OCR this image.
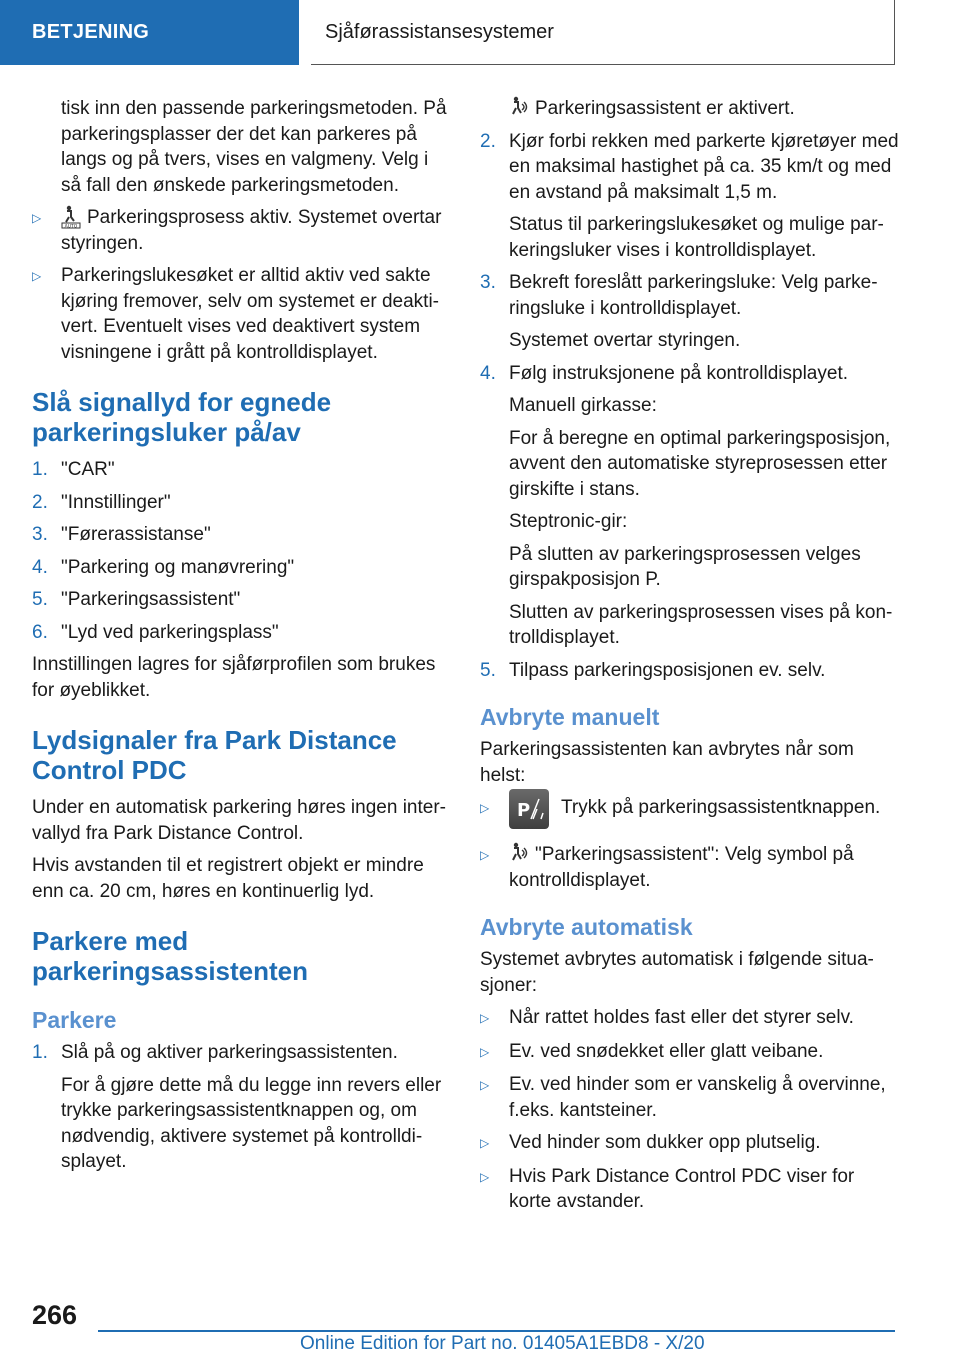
BETJENING	Sjåførassistansesystemer

tisk inn den passende parkeringsmetoden. På parkeringsplasser der det kan parkeres på langs og på tvers, vises en valgmeny. Velg i så fall den ønskede parkeringsmetoden.

▷

AUTO Parkeringsprosess aktiv. Systemet overtar styringen.

▷	Parkeringslukesøket er alltid aktiv ved sakte kjøring fremover, selv om systemet er deakti-vert. Eventuelt vises ved deaktivert system visningene i grått på kontrolldisplayet.

Slå signallyd for egnede parkeringsluker på/av
1. "CAR"
2. "Innstillinger"
3. "Førerassistanse"
4. "Parkering og manøvrering"
5. "Parkeringsassistent"
6. "Lyd ved parkeringsplass"

Innstillingen lagres for sjåførprofilen som brukes for øyeblikket.

Lydsignaler fra Park Distance Control PDC

Under en automatisk parkering høres ingen inter-vallyd fra Park Distance Control.

Hvis avstanden til et registrert objekt er mindre enn ca. 20 cm, høres en kontinuerlig lyd.

Parkere med parkeringsassistenten
Parkere
1. Slå på og aktiver parkeringsassistenten.

For å gjøre dette må du legge inn revers eller trykke parkeringsassistentknappen og, om nødvendig, aktivere systemet på kontrolldi-splayet.

Parkeringsassistent er aktivert.

2. Kjør forbi rekken med parkerte kjøretøyer med en maksimal hastighet på ca. 35 km/t og med en avstand på maksimalt 1,5 m.

Status til parkeringslukesøket og mulige par-keringsluker vises i kontrolldisplayet.

3. Bekreft foreslått parkeringsluke: Velg parke-ringsluke i kontrolldisplayet.

Systemet overtar styringen.

4. Følg instruksjonene på kontrolldisplayet.

Manuell girkasse:

For å beregne en optimal parkeringsposisjon, avvent den automatiske styreprosessen etter girskifte i stans.

Steptronic-gir:

På slutten av parkeringsprosessen velges girspakposisjon P.

Slutten av parkeringsprosessen vises på kon-trolldisplayet.

5. Tilpass parkeringsposisjonen ev. selv.

Avbryte manuelt

Parkeringsassistenten kan avbrytes når som helst:

▷	P Trykk på parkeringsassistentknappen.
▷	"Parkeringsassistent": Velg symbol på kontrolldisplayet.

Avbryte automatisk

Systemet avbrytes automatisk i følgende situa-sjoner:

▷	Når rattet holdes fast eller det styrer selv.
▷	Ev. ved snødekket eller glatt veibane.
▷	Ev. ved hinder som er vanskelig å overvinne, f.eks. kantsteiner.
▷	Ved hinder som dukker opp plutselig.
▷	Hvis Park Distance Control PDC viser for korte avstander.
266
Online Edition for Part no. 01405A1EBD8 - X/20
